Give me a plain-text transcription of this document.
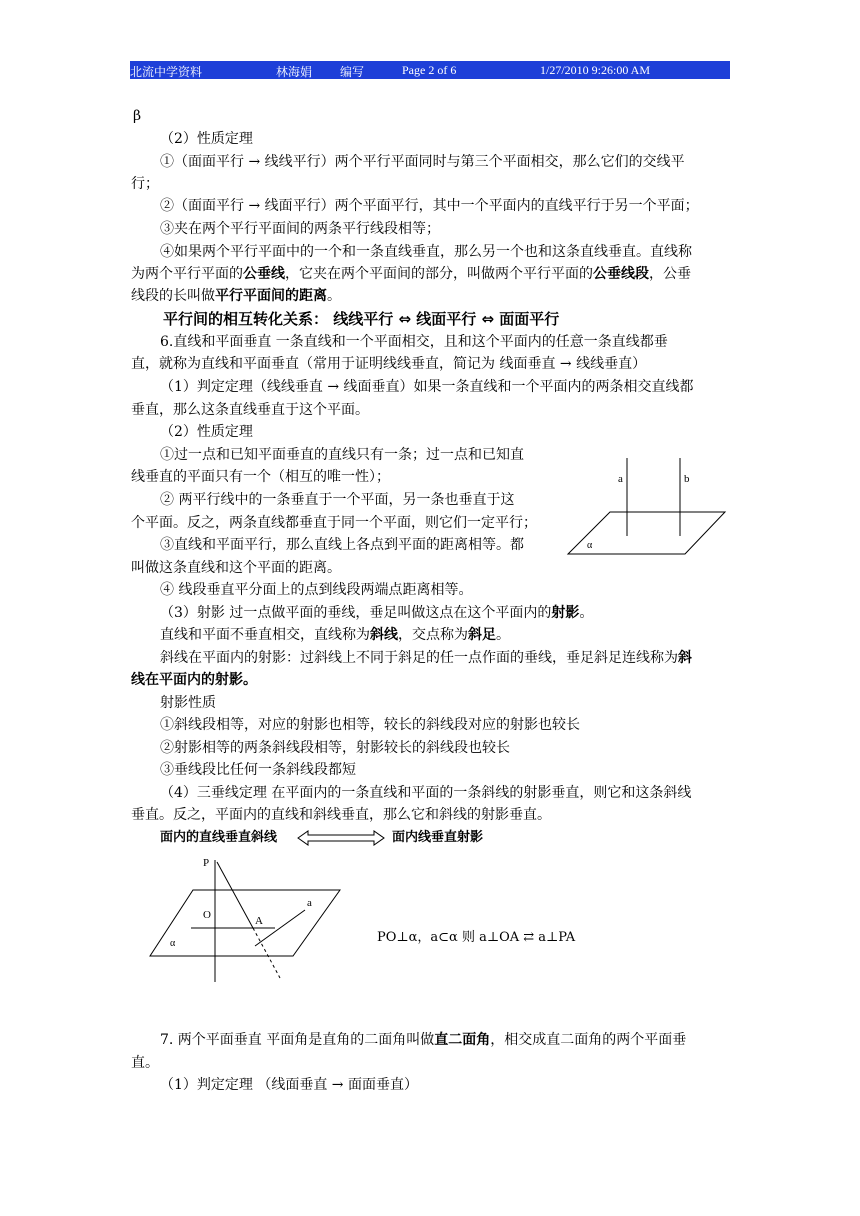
北流中学资料	林海娟 编写	Page 2 of 6	1/27/2010 9:26:00 AM
β
（2）性质定理
①（面面平行 → 线线平行）两个平行平面同时与第三个平面相交，那么它们的交线平
行；
②（面面平行 → 线面平行）两个平面平行，其中一个平面内的直线平行于另一个平面；
③夹在两个平行平面间的两条平行线段相等；
④如果两个平行平面中的一个和一条直线垂直，那么另一个也和这条直线垂直。直线称
为两个平行平面的公垂线，它夹在两个平面间的部分，叫做两个平行平面的公垂线段，公垂
线段的长叫做平行平面间的距离。
平行间的相互转化关系： 线线平行 ⇔ 线面平行 ⇔ 面面平行
6.直线和平面垂直 一条直线和一个平面相交，且和这个平面内的任意一条直线都垂
直，就称为直线和平面垂直（常用于证明线线垂直，简记为 线面垂直 → 线线垂直）
（1）判定定理（线线垂直 → 线面垂直）如果一条直线和一个平面内的两条相交直线都
垂直，那么这条直线垂直于这个平面。
（2）性质定理
①过一点和已知平面垂直的直线只有一条；过一点和已知直
线垂直的平面只有一个（相互的唯一性）；
② 两平行线中的一条垂直于一个平面，另一条也垂直于这
个平面。反之，两条直线都垂直于同一个平面，则它们一定平行；
③直线和平面平行，那么直线上各点到平面的距离相等。都
叫做这条直线和这个平面的距离。
④ 线段垂直平分面上的点到线段两端点距离相等。
（3）射影 过一点做平面的垂线，垂足叫做这点在这个平面内的射影。
直线和平面不垂直相交，直线称为斜线，交点称为斜足。
斜线在平面内的射影：过斜线上不同于斜足的任一点作面的垂线，垂足斜足连线称为斜
线在平面内的射影。
射影性质
①斜线段相等，对应的射影也相等，较长的斜线段对应的射影也较长
②射影相等的两条斜线段相等，射影较长的斜线段也较长
③垂线段比任何一条斜线段都短
（4）三垂线定理 在平面内的一条直线和平面的一条斜线的射影垂直，则它和这条斜线
垂直。反之，平面内的直线和斜线垂直，那么它和斜线的射影垂直。
面内的直线垂直斜线	面内线垂直射影
a	b
α
P
O	A
a
α	PO⊥α，a⊂α 则 a⊥OA ⇄ a⊥PA
7. 两个平面垂直 平面角是直角的二面角叫做直二面角，相交成直二面角的两个平面垂
直。
（1）判定定理 （线面垂直 → 面面垂直）
